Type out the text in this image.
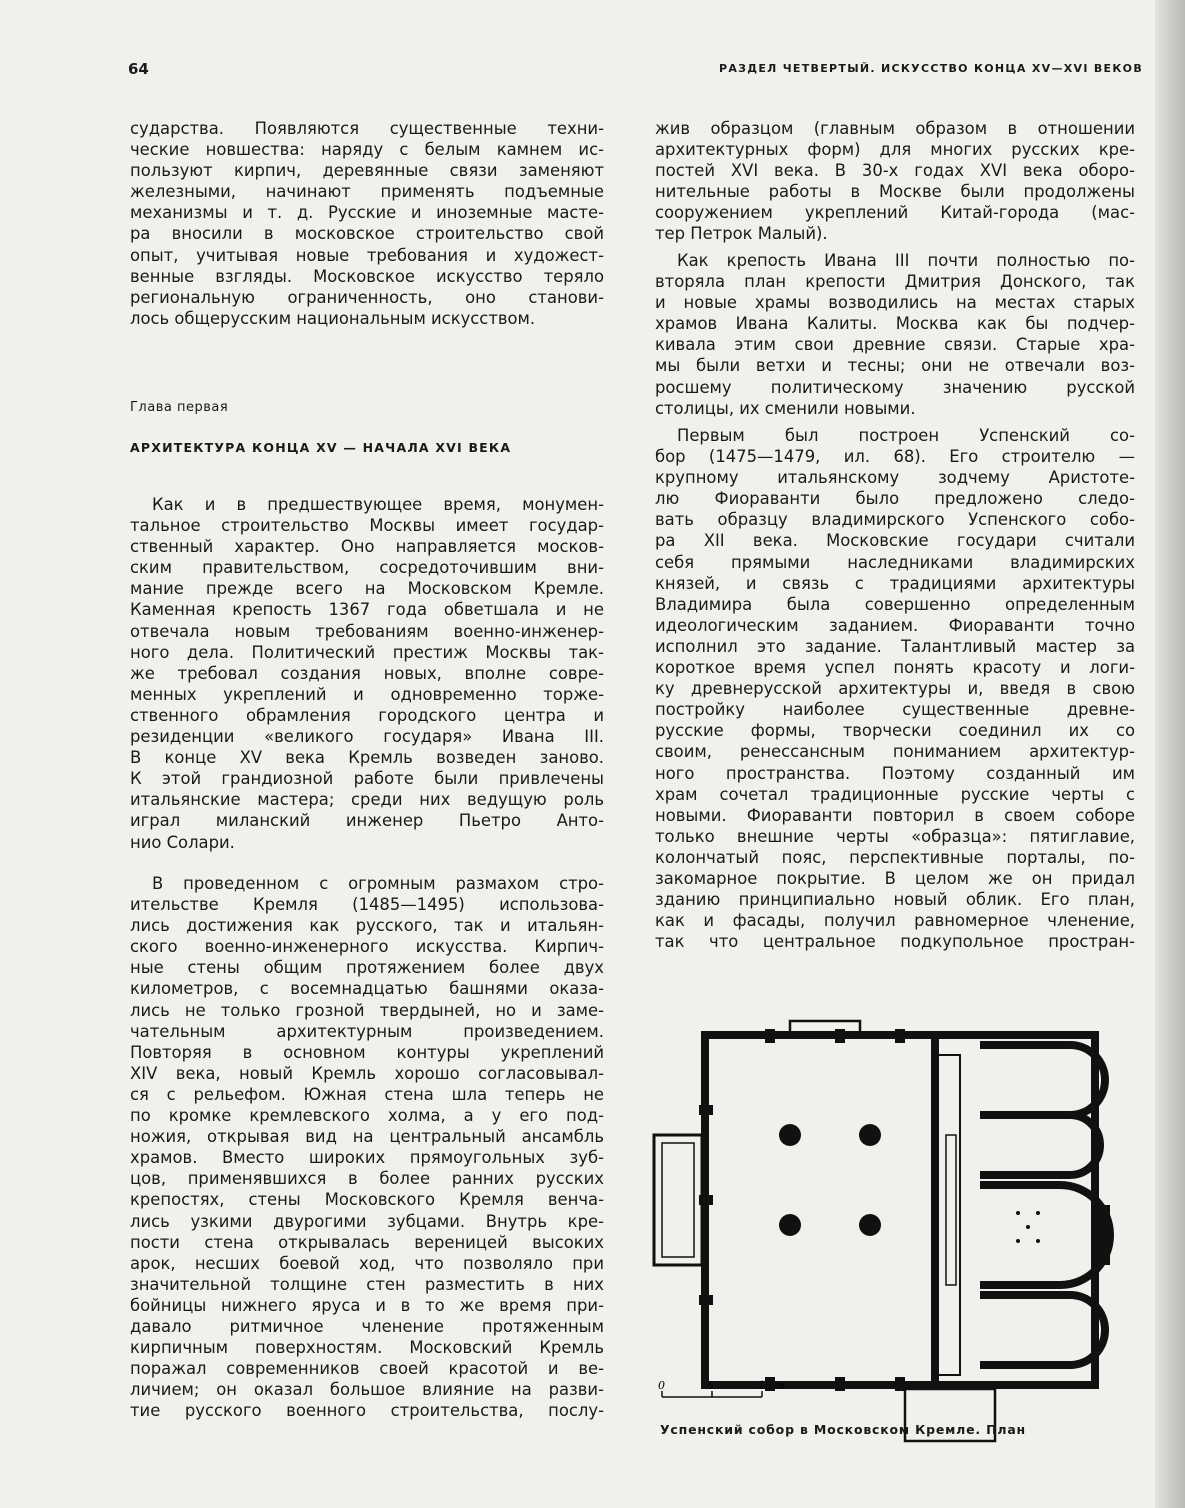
64	РАЗДЕЛ ЧЕТВЕРТЫЙ. ИСКУССТВО КОНЦА XV—XVI ВЕКОВ
сударства. Появляются существенные техни-
ческие новшества: наряду с белым камнем ис-
пользуют кирпич, деревянные связи заменяют
железными, начинают применять подъемные
механизмы и т. д. Русские и иноземные масте-
ра вносили в московское строительство свой
опыт, учитывая новые требования и художест-
венные взгляды. Московское искусство теряло
региональную ограниченность, оно станови-
лось общерусским национальным искусством.
Глава первая
АРХИТЕКТУРА КОНЦА XV — НАЧАЛА XVI ВЕКА
Как и в предшествующее время, монумен-
тальное строительство Москвы имеет государ-
ственный характер. Оно направляется москов-
ским правительством, сосредоточившим вни-
мание прежде всего на Московском Кремле.
Каменная крепость 1367 года обветшала и не
отвечала новым требованиям военно-инженер-
ного дела. Политический престиж Москвы так-
же требовал создания новых, вполне совре-
менных укреплений и одновременно торже-
ственного обрамления городского центра и
резиденции «великого государя» Ивана III.
В конце XV века Кремль возведен заново.
К этой грандиозной работе были привлечены
итальянские мастера; среди них ведущую роль
играл миланский инженер Пьетро Анто-
нио Солари.
В проведенном с огромным размахом стро-
ительстве Кремля (1485—1495) использова-
лись достижения как русского, так и итальян-
ского военно-инженерного искусства. Кирпич-
ные стены общим протяжением более двух
километров, с восемнадцатью башнями оказа-
лись не только грозной твердыней, но и заме-
чательным архитектурным произведением.
Повторяя в основном контуры укреплений
XIV века, новый Кремль хорошо согласовывал-
ся с рельефом. Южная стена шла теперь не
по кромке кремлевского холма, а у его под-
ножия, открывая вид на центральный ансамбль
храмов. Вместо широких прямоугольных зуб-
цов, применявшихся в более ранних русских
крепостях, стены Московского Кремля венча-
лись узкими двурогими зубцами. Внутрь кре-
пости стена открывалась вереницей высоких
арок, несших боевой ход, что позволяло при
значительной толщине стен разместить в них
бойницы нижнего яруса и в то же время при-
давало ритмичное членение протяженным
кирпичным поверхностям. Московский Кремль
поражал современников своей красотой и ве-
личием; он оказал большое влияние на разви-
тие русского военного строительства, послу-
жив образцом (главным образом в отношении
архитектурных форм) для многих русских кре-
постей XVI века. В 30-х годах XVI века оборо-
нительные работы в Москве были продолжены
сооружением укреплений Китай-города (мас-
тер Петрок Малый).
Как крепость Ивана III почти полностью по-
вторяла план крепости Дмитрия Донского, так
и новые храмы возводились на местах старых
храмов Ивана Калиты. Москва как бы подчер-
кивала этим свои древние связи. Старые хра-
мы были ветхи и тесны; они не отвечали воз-
росшему политическому значению русской
столицы, их сменили новыми.
Первым был построен Успенский со-
бор (1475—1479, ил. 68). Его строителю —
крупному итальянскому зодчему Аристоте-
лю Фиораванти было предложено следо-
вать образцу владимирского Успенского собо-
ра XII века. Московские государи считали
себя прямыми наследниками владимирских
князей, и связь с традициями архитектуры
Владимира была совершенно определенным
идеологическим заданием. Фиораванти точно
исполнил это задание. Талантливый мастер за
короткое время успел понять красоту и логи-
ку древнерусской архитектуры и, введя в свою
постройку наиболее существенные древне-
русские формы, творчески соединил их со
своим, ренессансным пониманием архитектур-
ного пространства. Поэтому созданный им
храм сочетал традиционные русские черты с
новыми. Фиораванти повторил в своем соборе
только внешние черты «образца»: пятиглавие,
колончатый пояс, перспективные порталы, по-
закомарное покрытие. В целом же он придал
зданию принципиально новый облик. Его план,
как и фасады, получил равномерное членение,
так что центральное подкупольное простран-
0	5	10 м
Успенский собор в Московском Кремле. План
